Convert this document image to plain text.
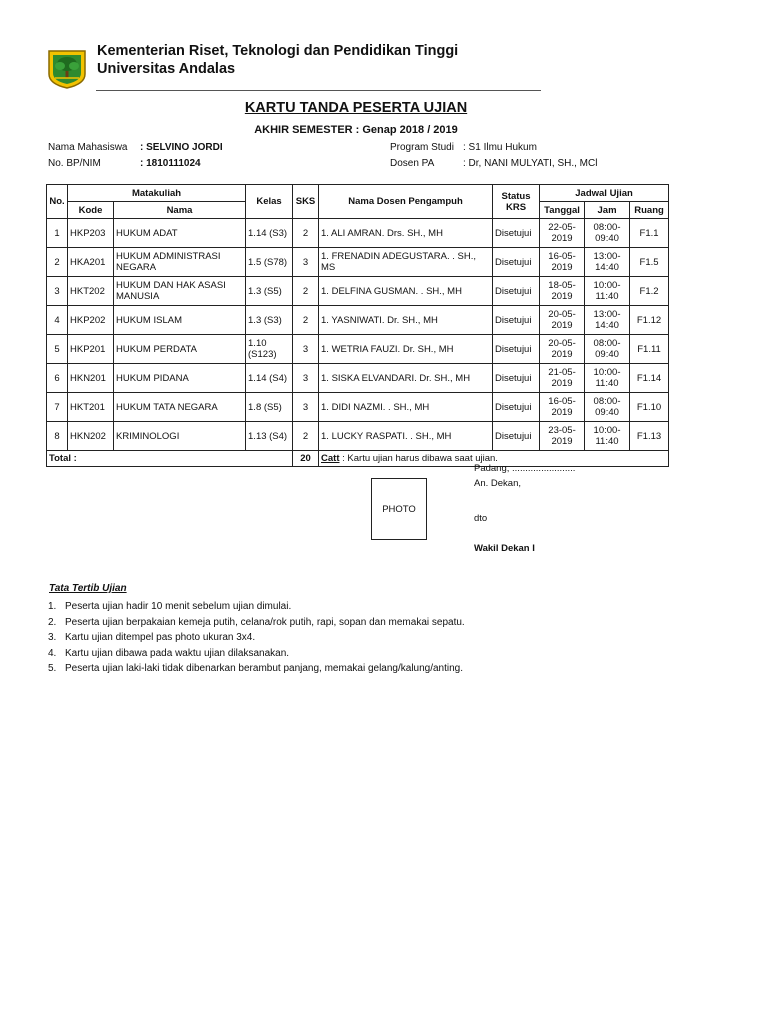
Kementerian Riset, Teknologi dan Pendidikan Tinggi
Universitas Andalas
KARTU TANDA PESERTA UJIAN
AKHIR SEMESTER : Genap 2018 / 2019
Nama Mahasiswa : SELVINO JORDI
No. BP/NIM	: 1810111024
Program Studi : S1 Ilmu Hukum
Dosen PA	: Dr, NANI MULYATI, SH., MCl
No.	Matakuliah		Kelas	SKS	Nama Dosen Pengampuh	Status KRS	Jadwal Ujian		
	Kode	Nama					Tanggal	Jam	Ruang
1	HKP203	HUKUM ADAT	1.14 (S3)	2	1. ALI AMRAN. Drs. SH., MH	Disetujui	22-05-2019	08:00-09:40	F1.1
2	HKA201	HUKUM ADMINISTRASI NEGARA	1.5 (S78)	3	1. FRENADIN ADEGUSTARA. . SH., MS	Disetujui	16-05-2019	13:00-14:40	F1.5
3	HKT202	HUKUM DAN HAK ASASI MANUSIA	1.3 (S5)	2	1. DELFINA GUSMAN. . SH., MH	Disetujui	18-05-2019	10:00-11:40	F1.2
4	HKP202	HUKUM ISLAM	1.3 (S3)	2	1. YASNIWATI. Dr. SH., MH	Disetujui	20-05-2019	13:00-14:40	F1.12
5	HKP201	HUKUM PERDATA	1.10 (S123)	3	1. WETRIA FAUZI. Dr. SH., MH	Disetujui	20-05-2019	08:00-09:40	F1.11
6	HKN201	HUKUM PIDANA	1.14 (S4)	3	1. SISKA ELVANDARI. Dr. SH., MH	Disetujui	21-05-2019	10:00-11:40	F1.14
7	HKT201	HUKUM TATA NEGARA	1.8 (S5)	3	1. DIDI NAZMI. . SH., MH	Disetujui	16-05-2019	08:00-09:40	F1.10
8	HKN202	KRIMINOLOGI	1.13 (S4)	2	1. LUCKY RASPATI. . SH., MH	Disetujui	23-05-2019	10:00-11:40	F1.13
Total :				20	Catt : Kartu ujian harus dibawa saat ujian.				
Padang, ........................
An. Dekan,
PHOTO
dto
Wakil Dekan I
Tata Tertib Ujian
1. Peserta ujian hadir 10 menit sebelum ujian dimulai.
2. Peserta ujian berpakaian kemeja putih, celana/rok putih, rapi, sopan dan memakai sepatu.
3. Kartu ujian ditempel pas photo ukuran 3x4.
4. Kartu ujian dibawa pada waktu ujian dilaksanakan.
5. Peserta ujian laki-laki tidak dibenarkan berambut panjang, memakai gelang/kalung/anting.
